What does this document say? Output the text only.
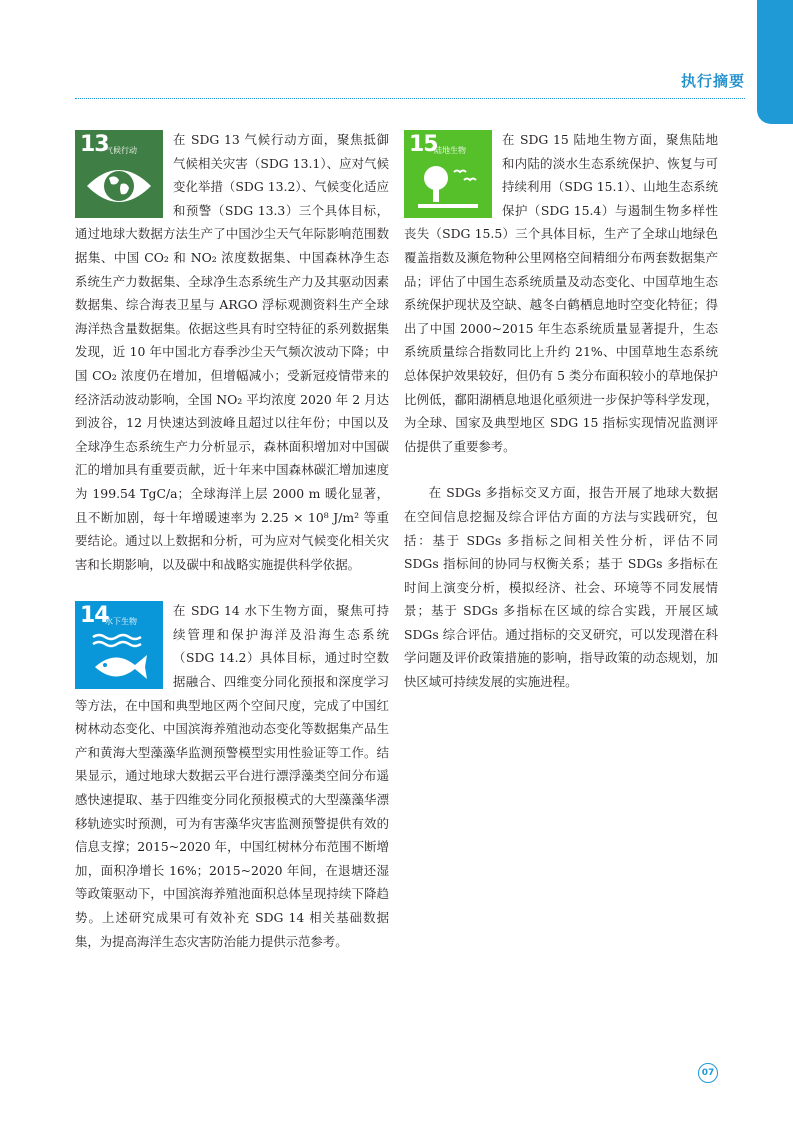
执行摘要
13
气候行动
在 SDG 13 气候行动方面，聚焦抵御气候相关灾害（SDG 13.1）、应对气候变化举措（SDG 13.2）、气候变化适应和预警（SDG 13.3）三个具体目标，通过地球大数据方法生产了中国沙尘天气年际影响范围数据集、中国 CO₂ 和 NO₂ 浓度数据集、中国森林净生态系统生产力数据集、全球净生态系统生产力及其驱动因素数据集、综合海表卫星与 ARGO 浮标观测资料生产全球海洋热含量数据集。依据这些具有时空特征的系列数据集发现，近 10 年中国北方春季沙尘天气频次波动下降；中国 CO₂ 浓度仍在增加，但增幅减小；受新冠疫情带来的经济活动波动影响，全国 NO₂ 平均浓度 2020 年 2 月达到波谷，12 月快速达到波峰且超过以往年份；中国以及全球净生态系统生产力分析显示，森林面积增加对中国碳汇的增加具有重要贡献，近十年来中国森林碳汇增加速度为 199.54 TgC/a；全球海洋上层 2000 m 暖化显著，且不断加剧，每十年增暖速率为 2.25 × 10⁸ J/m² 等重要结论。通过以上数据和分析，可为应对气候变化相关灾害和长期影响，以及碳中和战略实施提供科学依据。
14
水下生物
在 SDG 14 水下生物方面，聚焦可持续管理和保护海洋及沿海生态系统（SDG 14.2）具体目标，通过时空数据融合、四维变分同化预报和深度学习等方法，在中国和典型地区两个空间尺度，完成了中国红树林动态变化、中国滨海养殖池动态变化等数据集产品生产和黄海大型藻藻华监测预警模型实用性验证等工作。结果显示，通过地球大数据云平台进行漂浮藻类空间分布遥感快速提取、基于四维变分同化预报模式的大型藻藻华漂移轨迹实时预测，可为有害藻华灾害监测预警提供有效的信息支撑；2015~2020 年，中国红树林分布范围不断增加，面积净增长 16%；2015~2020 年间，在退塘还湿等政策驱动下，中国滨海养殖池面积总体呈现持续下降趋势。上述研究成果可有效补充 SDG 14 相关基础数据集，为提高海洋生态灾害防治能力提供示范参考。
15
陆地生物
在 SDG 15 陆地生物方面，聚焦陆地和内陆的淡水生态系统保护、恢复与可持续利用（SDG 15.1）、山地生态系统保护（SDG 15.4）与遏制生物多样性丧失（SDG 15.5）三个具体目标，生产了全球山地绿色覆盖指数及濒危物种公里网格空间精细分布两套数据集产品；评估了中国生态系统质量及动态变化、中国草地生态系统保护现状及空缺、越冬白鹤栖息地时空变化特征；得出了中国 2000~2015 年生态系统质量显著提升，生态系统质量综合指数同比上升约 21%、中国草地生态系统总体保护效果较好，但仍有 5 类分布面积较小的草地保护比例低，鄱阳湖栖息地退化亟须进一步保护等科学发现，为全球、国家及典型地区 SDG 15 指标实现情况监测评估提供了重要参考。

在 SDGs 多指标交叉方面，报告开展了地球大数据在空间信息挖掘及综合评估方面的方法与实践研究，包括：基于 SDGs 多指标之间相关性分析，评估不同 SDGs 指标间的协同与权衡关系；基于 SDGs 多指标在时间上演变分析，模拟经济、社会、环境等不同发展情景；基于 SDGs 多指标在区域的综合实践，开展区域 SDGs 综合评估。通过指标的交叉研究，可以发现潜在科学问题及评价政策措施的影响，指导政策的动态规划，加快区域可持续发展的实施进程。

07
